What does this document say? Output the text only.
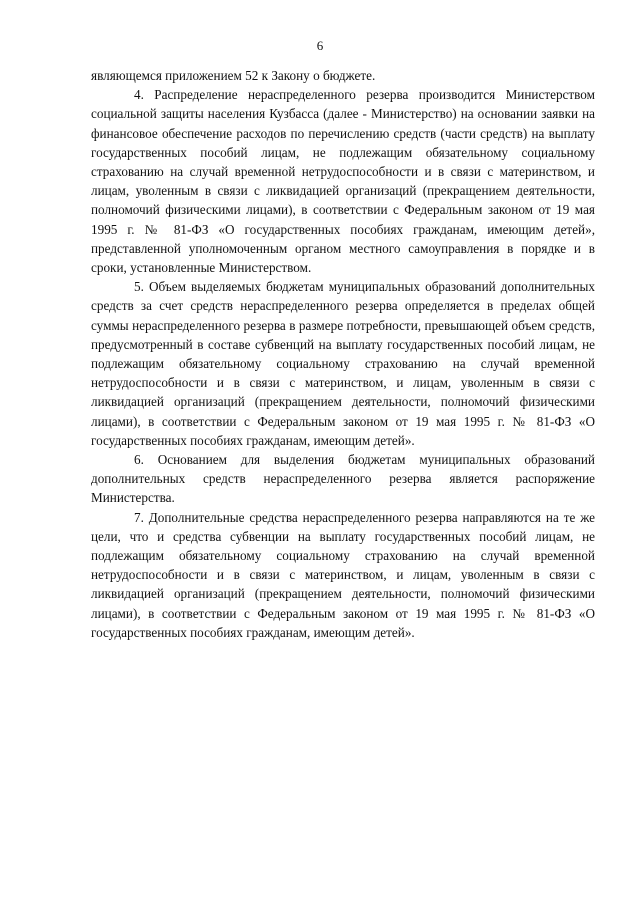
6

являющемся приложением 52 к Закону о бюджете.

4. Распределение нераспределенного резерва производится Министерством социальной защиты населения Кузбасса (далее - Министерство) на основании заявки на финансовое обеспечение расходов по перечислению средств (части средств) на выплату государственных пособий лицам, не подлежащим обязательному социальному страхованию на случай временной нетрудоспособности и в связи с материнством, и лицам, уволенным в связи с ликвидацией организаций (прекращением деятельности, полномочий физическими лицами), в соответствии с Федеральным законом от 19 мая 1995 г. № 81-ФЗ «О государственных пособиях гражданам, имеющим детей», представленной уполномоченным органом местного самоуправления в порядке и в сроки, установленные Министерством.

5. Объем выделяемых бюджетам муниципальных образований дополнительных средств за счет средств нераспределенного резерва определяется в пределах общей суммы нераспределенного резерва в размере потребности, превышающей объем средств, предусмотренный в составе субвенций на выплату государственных пособий лицам, не подлежащим обязательному социальному страхованию на случай временной нетрудоспособности и в связи с материнством, и лицам, уволенным в связи с ликвидацией организаций (прекращением деятельности, полномочий физическими лицами), в соответствии с Федеральным законом от 19 мая 1995 г. № 81-ФЗ «О государственных пособиях гражданам, имеющим детей».

6. Основанием для выделения бюджетам муниципальных образований дополнительных средств нераспределенного резерва является распоряжение Министерства.

7. Дополнительные средства нераспределенного резерва направляются на те же цели, что и средства субвенции на выплату государственных пособий лицам, не подлежащим обязательному социальному страхованию на случай временной нетрудоспособности и в связи с материнством, и лицам, уволенным в связи с ликвидацией организаций (прекращением деятельности, полномочий физическими лицами), в соответствии с Федеральным законом от 19 мая 1995 г. № 81-ФЗ «О государственных пособиях гражданам, имеющим детей».
